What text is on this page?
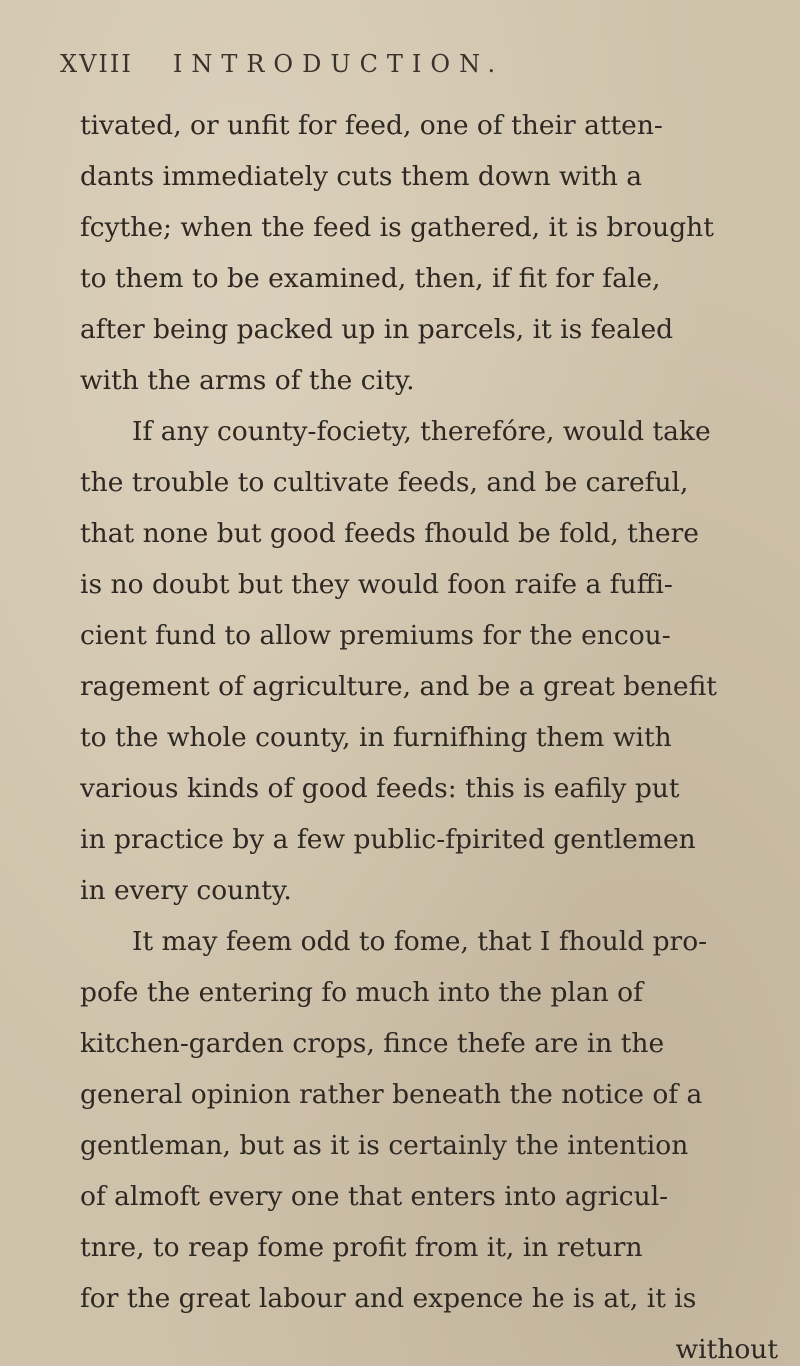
XVIII INTRODUCTION.
tivated, or unfit for feed, one of their atten-
dants immediately cuts them down with a
fcythe; when the feed is gathered, it is brought
to them to be examined, then, if fit for fale,
after being packed up in parcels, it is fealed
with the arms of the city.
If any county-fociety, therefóre, would take
the trouble to cultivate feeds, and be careful,
that none but good feeds fhould be fold, there
is no doubt but they would foon raife a fuffi-
cient fund to allow premiums for the encou-
ragement of agriculture, and be a great benefit
to the whole county, in furnifhing them with
various kinds of good feeds: this is eafily put
in practice by a few public-fpirited gentlemen
in every county.
It may feem odd to fome, that I fhould pro-
pofe the entering fo much into the plan of
kitchen-garden crops, fince thefe are in the
general opinion rather beneath the notice of a
gentleman, but as it is certainly the intention
of almoft every one that enters into agricul-
tnre, to reap fome profit from it, in return
for the great labour and expence he is at, it is
without
